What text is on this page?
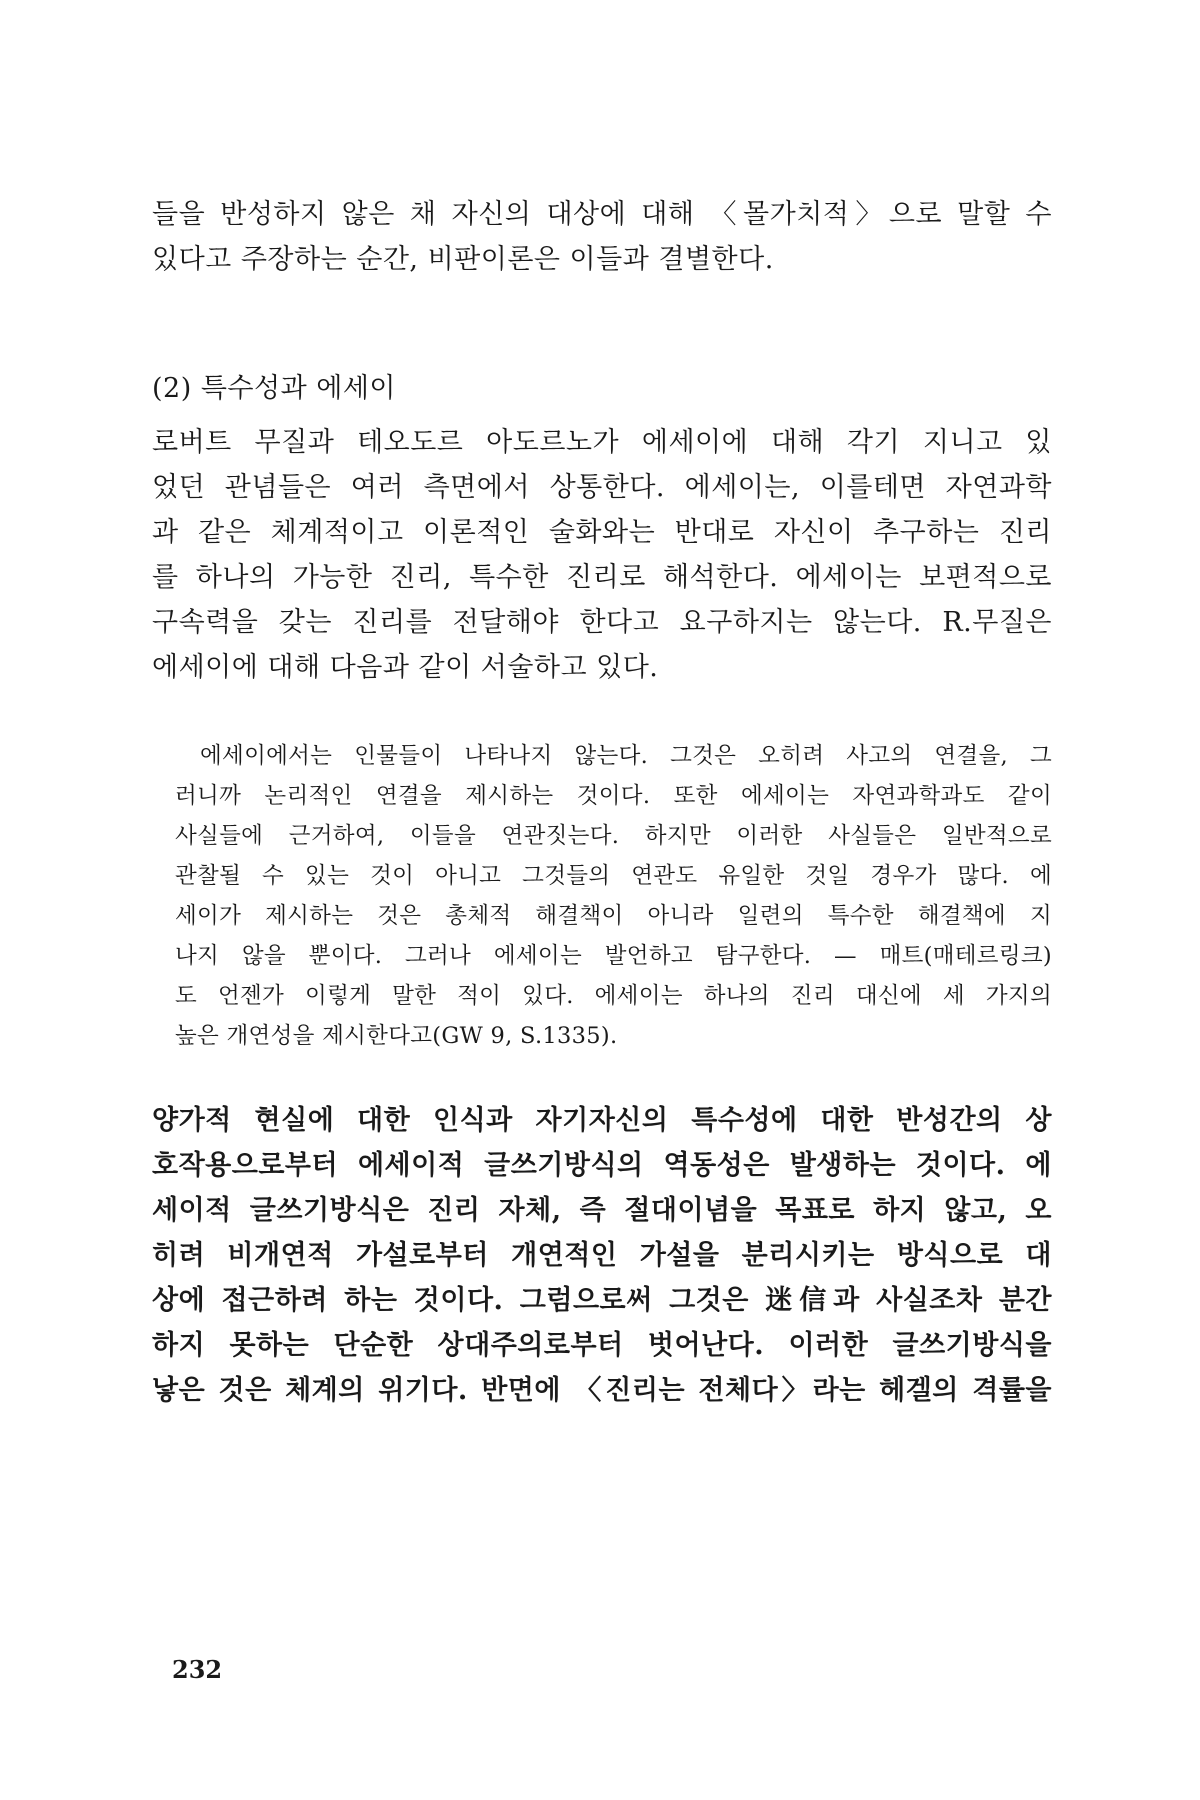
들을 반성하지 않은 채 자신의 대상에 대해 〈몰가치적〉으로 말할 수
있다고 주장하는 순간, 비판이론은 이들과 결별한다.
(2) 특수성과 에세이
로버트 무질과 테오도르 아도르노가 에세이에 대해 각기 지니고 있
었던 관념들은 여러 측면에서 상통한다. 에세이는, 이를테면 자연과학
과 같은 체계적이고 이론적인 술화와는 반대로 자신이 추구하는 진리
를 하나의 가능한 진리, 특수한 진리로 해석한다. 에세이는 보편적으로
구속력을 갖는 진리를 전달해야 한다고 요구하지는 않는다. R.무질은
에세이에 대해 다음과 같이 서술하고 있다.
에세이에서는 인물들이 나타나지 않는다. 그것은 오히려 사고의 연결을, 그
러니까 논리적인 연결을 제시하는 것이다. 또한 에세이는 자연과학과도 같이
사실들에 근거하여, 이들을 연관짓는다. 하지만 이러한 사실들은 일반적으로
관찰될 수 있는 것이 아니고 그것들의 연관도 유일한 것일 경우가 많다. 에
세이가 제시하는 것은 총체적 해결책이 아니라 일련의 특수한 해결책에 지
나지 않을 뿐이다. 그러나 에세이는 발언하고 탐구한다. — 매트(매테르링크)
도 언젠가 이렇게 말한 적이 있다. 에세이는 하나의 진리 대신에 세 가지의
높은 개연성을 제시한다고(GW 9, S.1335).
양가적 현실에 대한 인식과 자기자신의 특수성에 대한 반성간의 상
호작용으로부터 에세이적 글쓰기방식의 역동성은 발생하는 것이다. 에
세이적 글쓰기방식은 진리 자체, 즉 절대이념을 목표로 하지 않고, 오
히려 비개연적 가설로부터 개연적인 가설을 분리시키는 방식으로 대
상에 접근하려 하는 것이다. 그럼으로써 그것은 迷信과 사실조차 분간
하지 못하는 단순한 상대주의로부터 벗어난다. 이러한 글쓰기방식을
낳은 것은 체계의 위기다. 반면에 〈진리는 전체다〉라는 헤겔의 격률을
232
